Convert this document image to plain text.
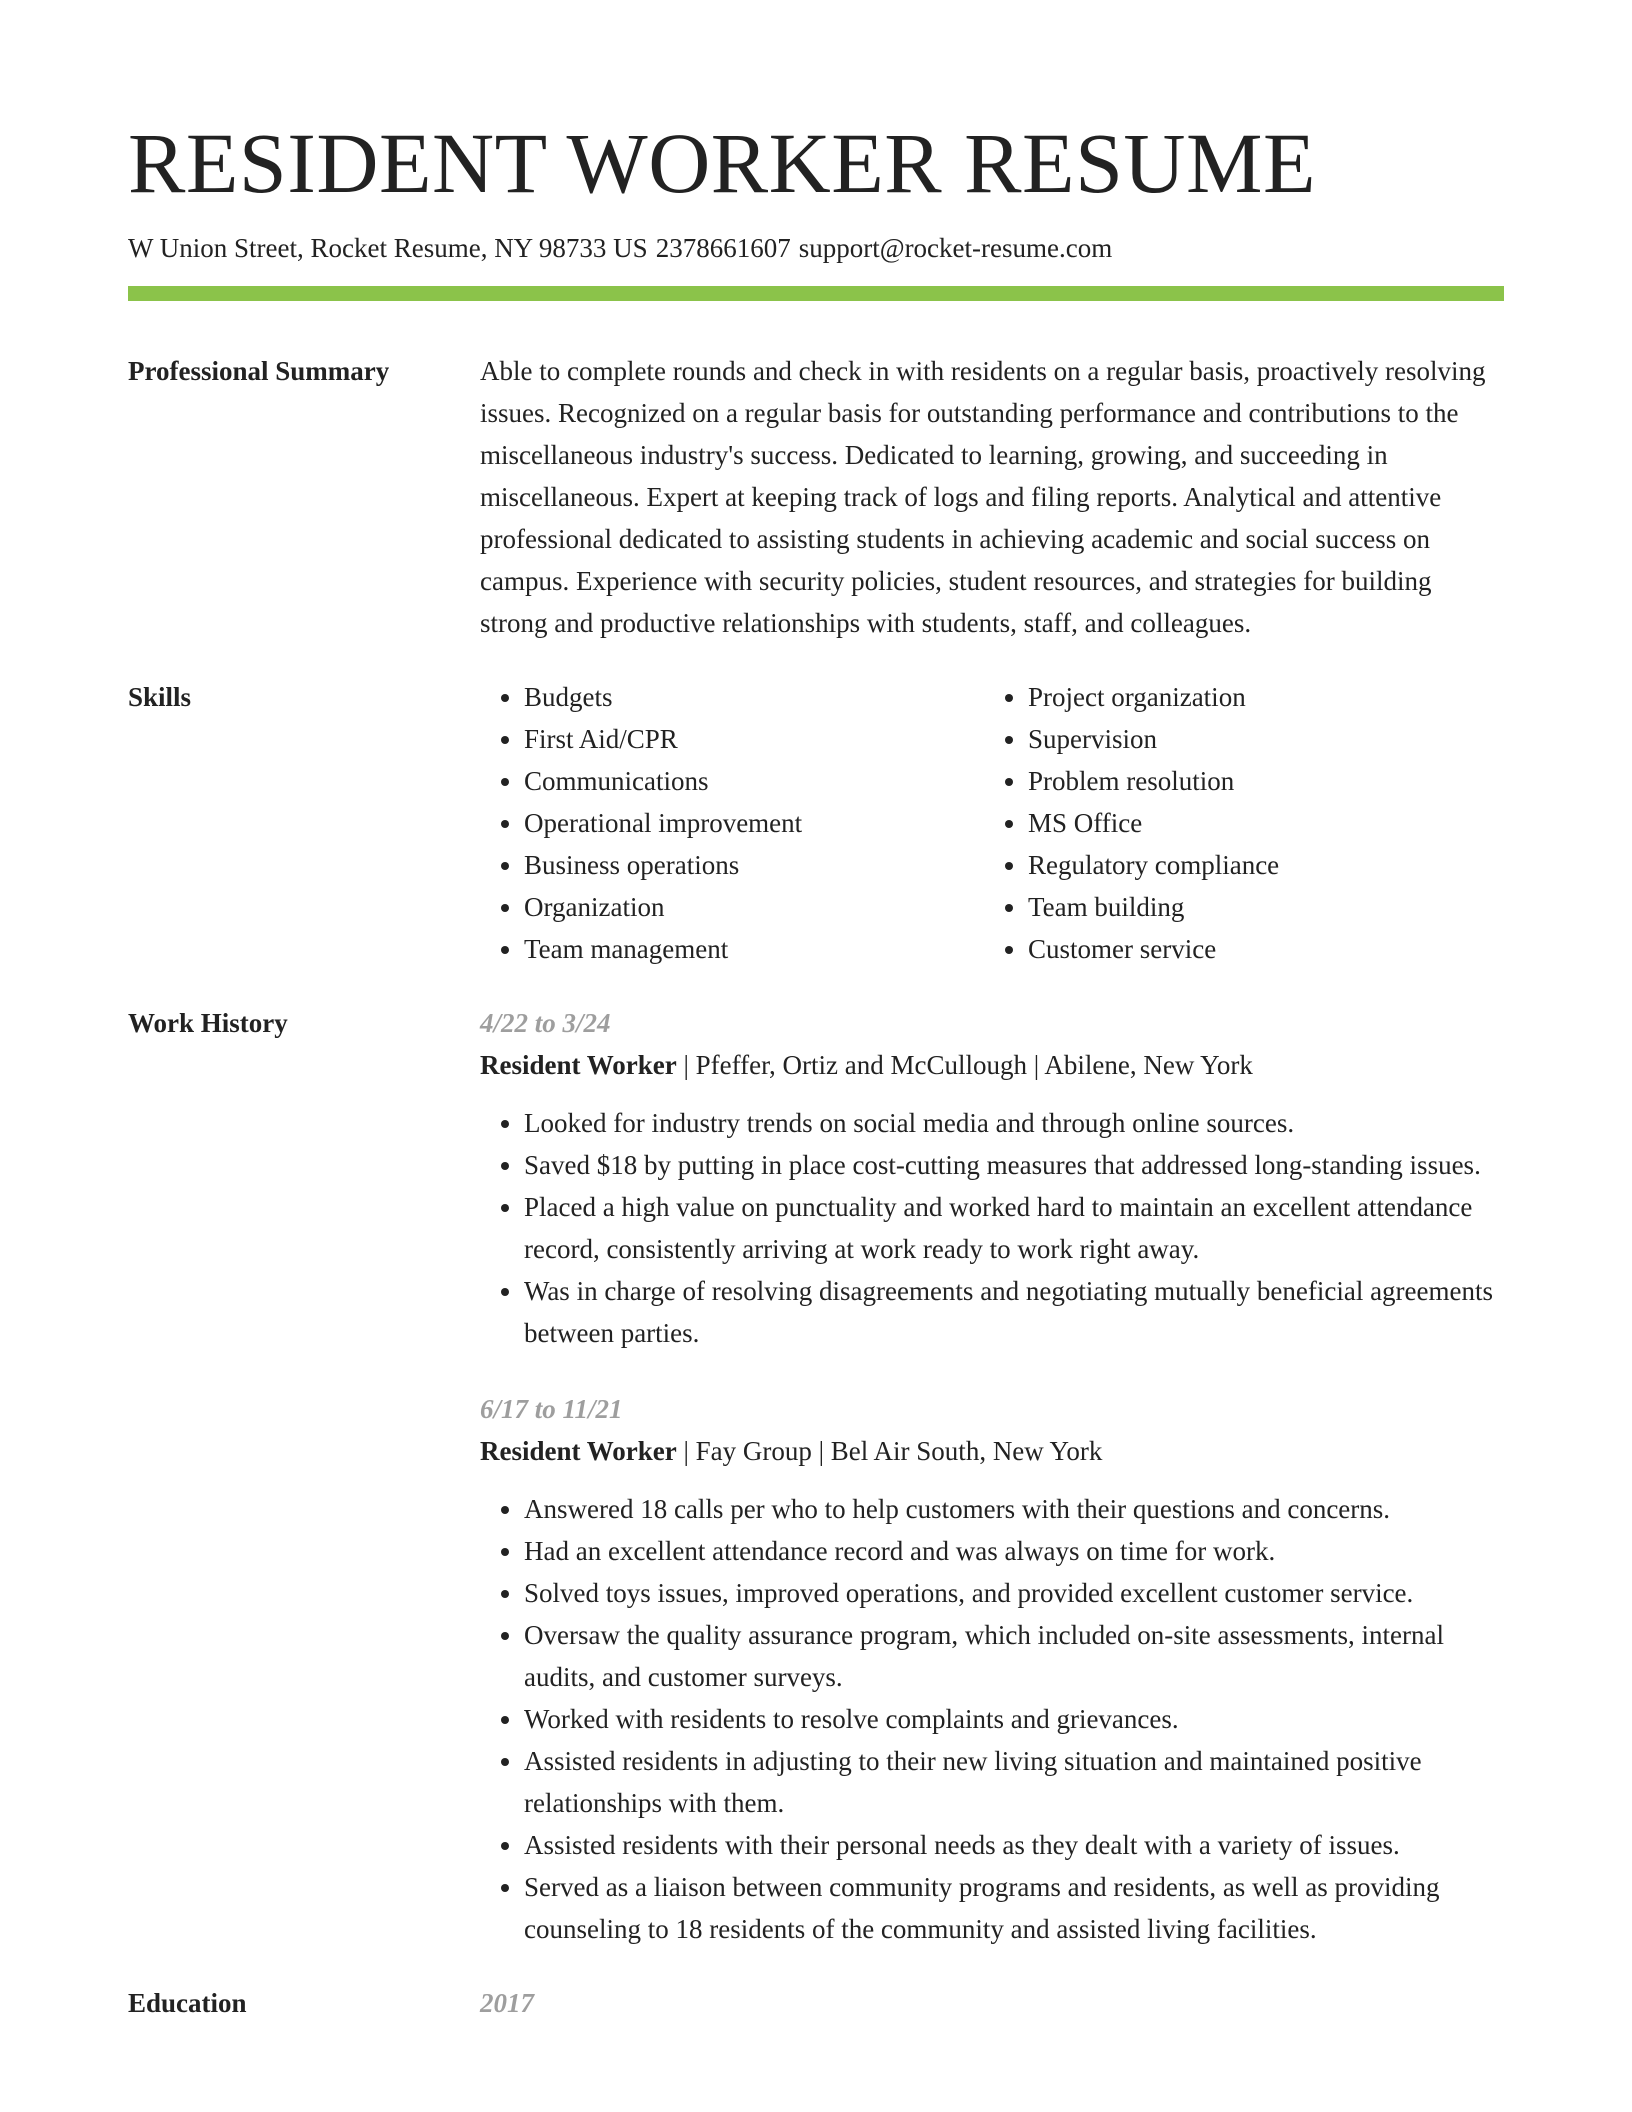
RESIDENT WORKER RESUME
W Union Street, Rocket Resume, NY 98733 US 2378661607 support@rocket-resume.com
Professional Summary	Able to complete rounds and check in with residents on a regular basis, proactively resolving issues. Recognized on a regular basis for outstanding performance and contributions to the miscellaneous industry's success. Dedicated to learning, growing, and succeeding in miscellaneous. Expert at keeping track of logs and filing reports. Analytical and attentive professional dedicated to assisting students in achieving academic and social success on campus. Experience with security policies, student resources, and strategies for building strong and productive relationships with students, staff, and colleagues.

Skills
•	Budgets
• First Aid/CPR
• Communications
• Operational improvement
• Business operations
• Organization
• Team management
• Project organization
• Supervision
• Problem resolution
• MS Office
• Regulatory compliance
• Team building
• Customer service
Work History	4/22 to 3/24
Resident Worker | Pfeffer, Ortiz and McCullough | Abilene, New York
• Looked for industry trends on social media and through online sources.
• Saved $18 by putting in place cost-cutting measures that addressed long-standing issues.
• Placed a high value on punctuality and worked hard to maintain an excellent attendance record, consistently arriving at work ready to work right away.
• Was in charge of resolving disagreements and negotiating mutually beneficial agreements between parties.
6/17 to 11/21
Resident Worker | Fay Group | Bel Air South, New York
• Answered 18 calls per who to help customers with their questions and concerns.
• Had an excellent attendance record and was always on time for work.
• Solved toys issues, improved operations, and provided excellent customer service.
• Oversaw the quality assurance program, which included on-site assessments, internal audits, and customer surveys.
• Worked with residents to resolve complaints and grievances.
• Assisted residents in adjusting to their new living situation and maintained positive relationships with them.
• Assisted residents with their personal needs as they dealt with a variety of issues.
• Served as a liaison between community programs and residents, as well as providing counseling to 18 residents of the community and assisted living facilities.
Education	2017
